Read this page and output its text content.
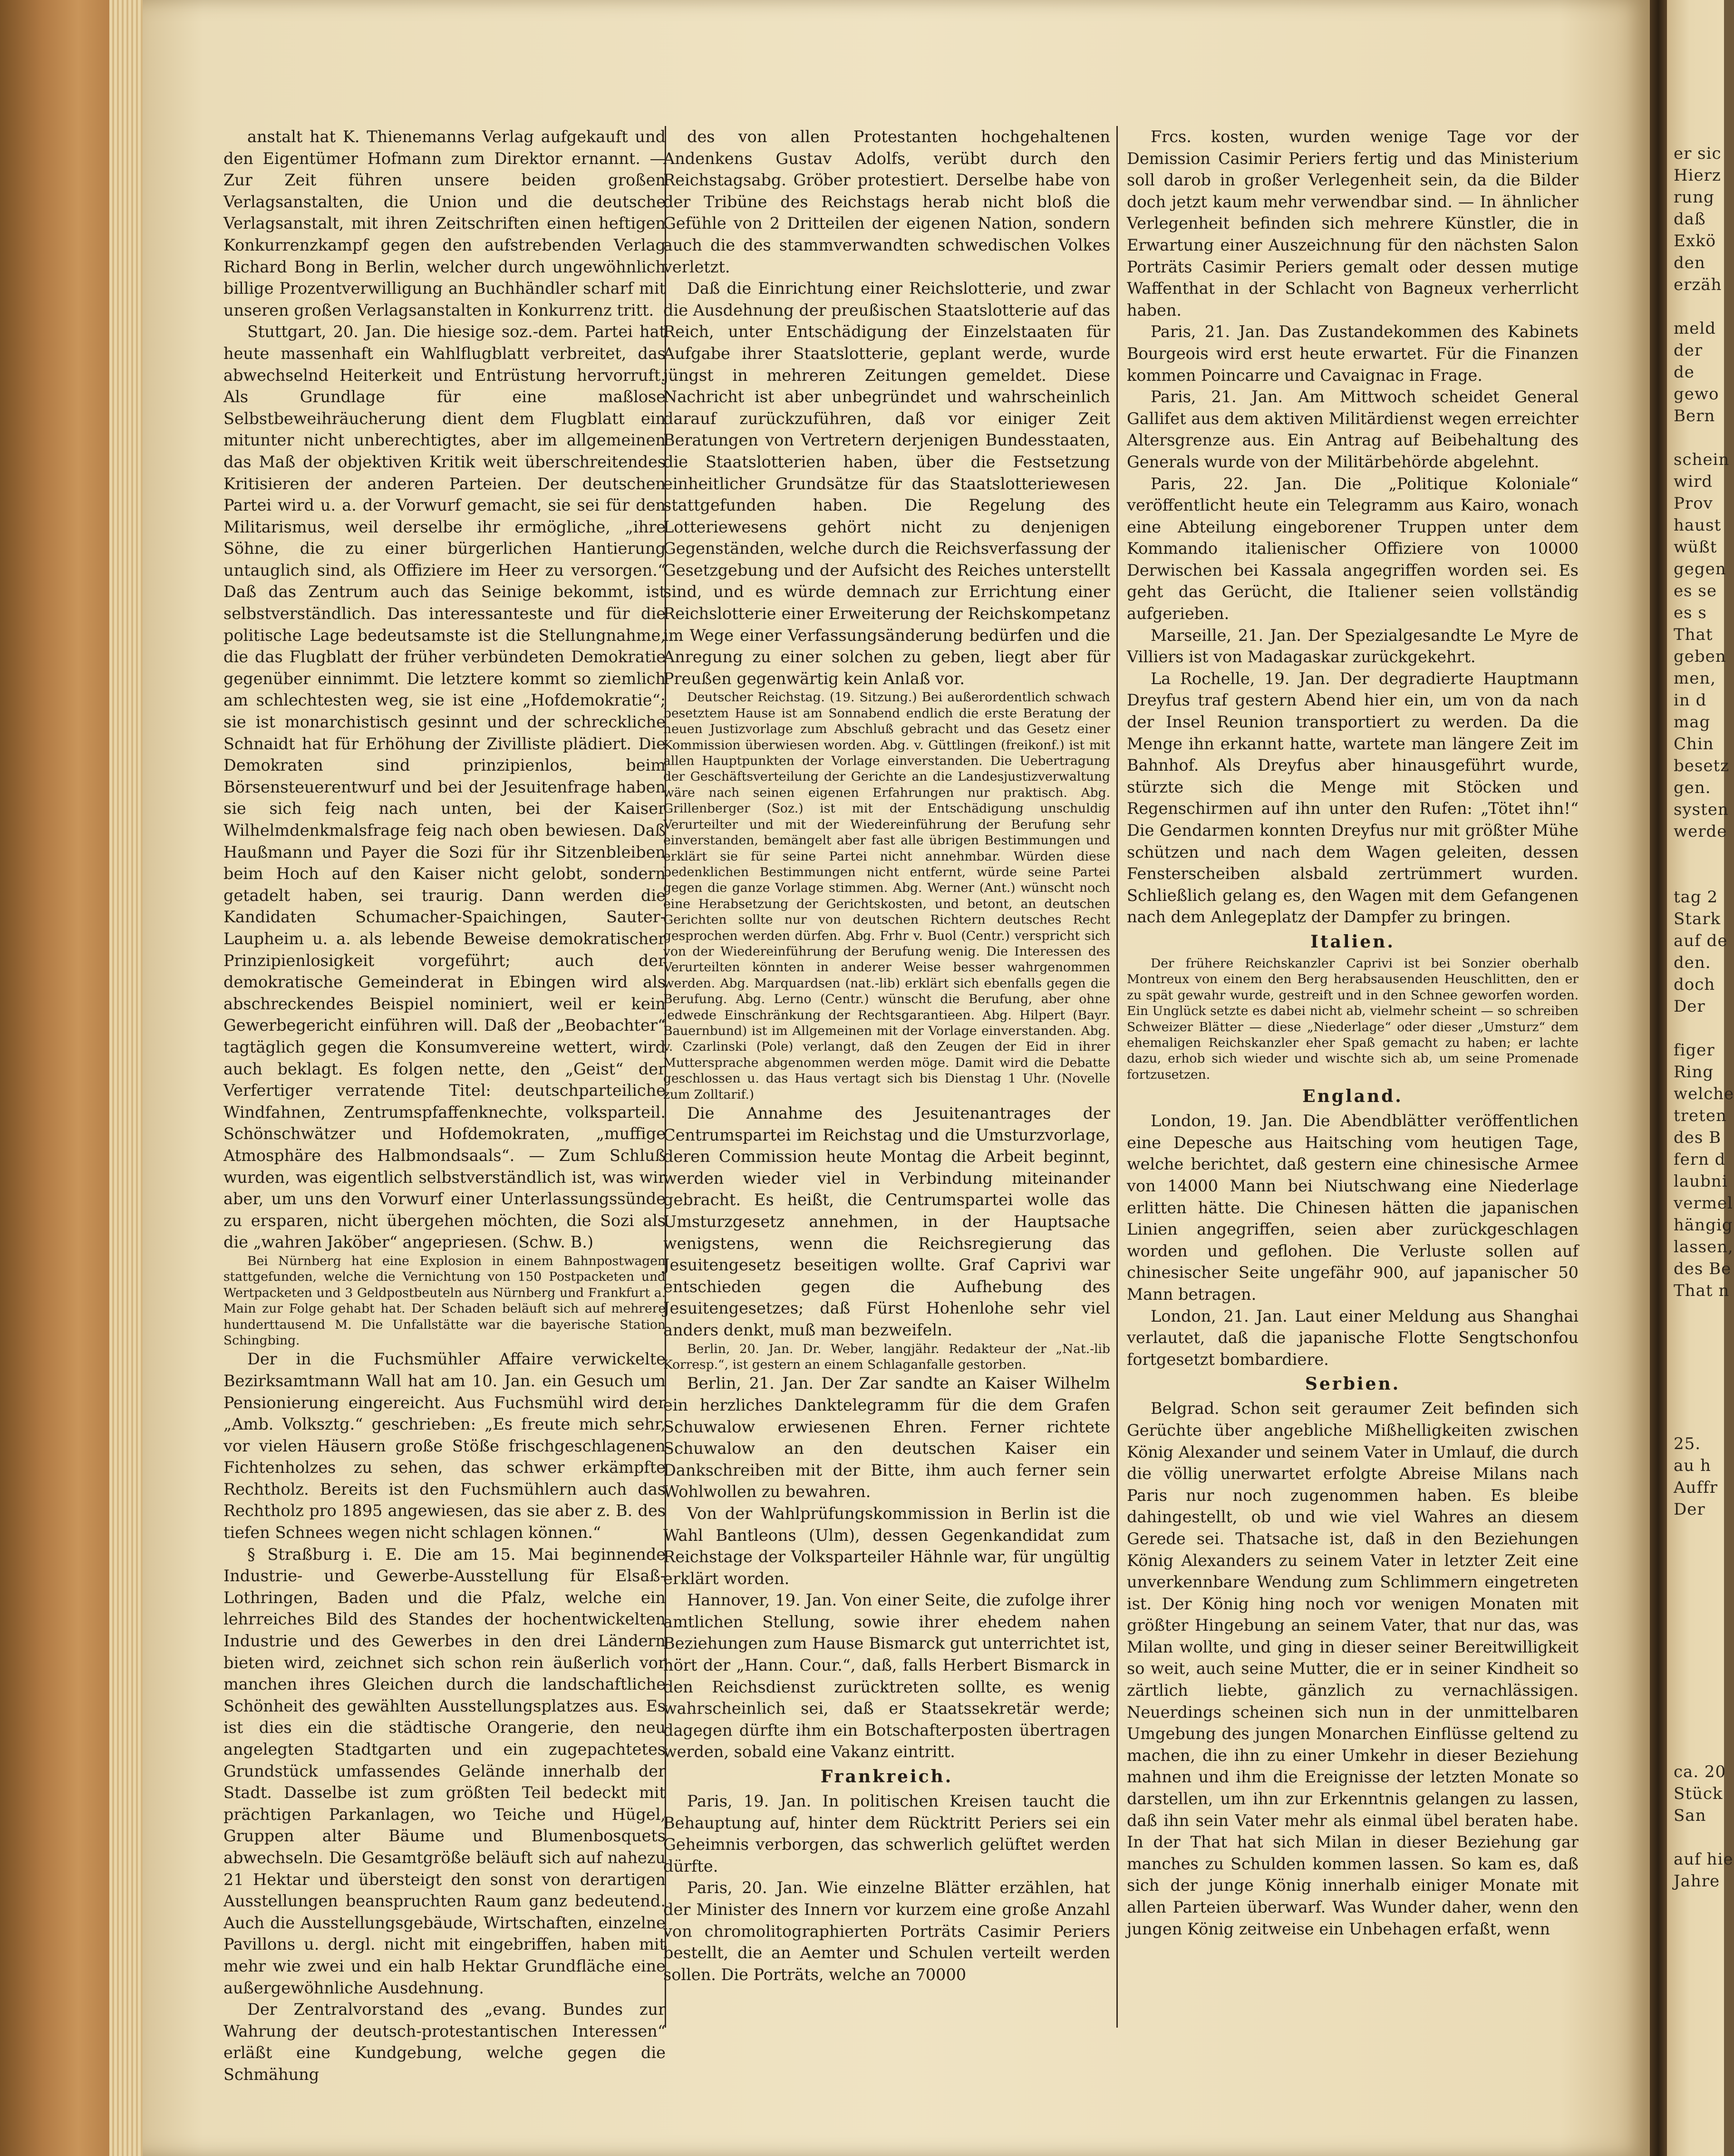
anstalt hat K. Thienemanns Verlag aufgekauft und den Eigentümer Hofmann zum Direktor ernannt. — Zur Zeit führen unsere beiden großen Verlagsanstalten, die Union und die deutsche Verlagsanstalt, mit ihren Zeitschriften einen heftigen Konkurrenzkampf gegen den aufstrebenden Verlag Richard Bong in Berlin, welcher durch ungewöhnlich billige Prozentverwilligung an Buchhändler scharf mit unseren großen Verlagsanstalten in Konkurrenz tritt.

Stuttgart, 20. Jan. Die hiesige soz.-dem. Partei hat heute massenhaft ein Wahlflugblatt verbreitet, das abwechselnd Heiterkeit und Entrüstung hervorruft. Als Grundlage für eine maßlose Selbstbeweihräucherung dient dem Flugblatt ein mitunter nicht unberechtigtes, aber im allgemeinen das Maß der objektiven Kritik weit überschreitendes Kritisieren der anderen Parteien. Der deutschen Partei wird u. a. der Vorwurf gemacht, sie sei für den Militarismus, weil derselbe ihr ermögliche, „ihre Söhne, die zu einer bürgerlichen Hantierung untauglich sind, als Offiziere im Heer zu versorgen.“ Daß das Zentrum auch das Seinige bekommt, ist selbstverständlich. Das interessanteste und für die politische Lage bedeutsamste ist die Stellungnahme, die das Flugblatt der früher verbündeten Demokratie gegenüber einnimmt. Die letztere kommt so ziemlich am schlechtesten weg, sie ist eine „Hofdemokratie“; sie ist monarchistisch gesinnt und der schreckliche Schnaidt hat für Erhöhung der Zivilliste plädiert. Die Demokraten sind prinzipienlos, beim Börsensteuerentwurf und bei der Jesuitenfrage haben sie sich feig nach unten, bei der Kaiser Wilhelmdenkmalsfrage feig nach oben bewiesen. Daß Haußmann und Payer die Sozi für ihr Sitzenbleiben beim Hoch auf den Kaiser nicht gelobt, sondern getadelt haben, sei traurig. Dann werden die Kandidaten Schumacher-Spaichingen, Sauter-Laupheim u. a. als lebende Beweise demokratischer Prinzipienlosigkeit vorgeführt; auch der demokratische Gemeinderat in Ebingen wird als abschreckendes Beispiel nominiert, weil er kein Gewerbegericht einführen will. Daß der „Beobachter“ tagtäglich gegen die Konsumvereine wettert, wird auch beklagt. Es folgen nette, den „Geist“ der Verfertiger verratende Titel: deutschparteiliche Windfahnen, Zentrumspfaffenknechte, volksparteil. Schönschwätzer und Hofdemokraten, „muffige Atmosphäre des Halbmondsaals“. — Zum Schluß wurden, was eigentlich selbstverständlich ist, was wir aber, um uns den Vorwurf einer Unterlassungssünde zu ersparen, nicht übergehen möchten, die Sozi als die „wahren Jaköber“ angepriesen. (Schw. B.)

Bei Nürnberg hat eine Explosion in einem Bahnpostwagen stattgefunden, welche die Vernichtung von 150 Postpacketen und Wertpacketen und 3 Geldpostbeuteln aus Nürnberg und Frankfurt a. Main zur Folge gehabt hat. Der Schaden beläuft sich auf mehrere hunderttausend M. Die Unfallstätte war die bayerische Station Schingbing.

Der in die Fuchsmühler Affaire verwickelte Bezirksamtmann Wall hat am 10. Jan. ein Gesuch um Pensionierung eingereicht. Aus Fuchsmühl wird der „Amb. Volksztg.“ geschrieben: „Es freute mich sehr, vor vielen Häusern große Stöße frischgeschlagenen Fichtenholzes zu sehen, das schwer erkämpfte Rechtholz. Bereits ist den Fuchsmühlern auch das Rechtholz pro 1895 angewiesen, das sie aber z. B. des tiefen Schnees wegen nicht schlagen können.“

§ Straßburg i. E. Die am 15. Mai beginnende Industrie- und Gewerbe-Ausstellung für Elsaß-Lothringen, Baden und die Pfalz, welche ein lehrreiches Bild des Standes der hochentwickelten Industrie und des Gewerbes in den drei Ländern bieten wird, zeichnet sich schon rein äußerlich vor manchen ihres Gleichen durch die landschaftliche Schönheit des gewählten Ausstellungsplatzes aus. Es ist dies ein die städtische Orangerie, den neu angelegten Stadtgarten und ein zugepachtetes Grundstück umfassendes Gelände innerhalb der Stadt. Dasselbe ist zum größten Teil bedeckt mit prächtigen Parkanlagen, wo Teiche und Hügel, Gruppen alter Bäume und Blumenbosquets abwechseln. Die Gesamtgröße beläuft sich auf nahezu 21 Hektar und übersteigt den sonst von derartigen Ausstellungen beanspruchten Raum ganz bedeutend. Auch die Ausstellungsgebäude, Wirtschaften, einzelne Pavillons u. dergl. nicht mit eingebriffen, haben mit mehr wie zwei und ein halb Hektar Grundfläche eine außergewöhnliche Ausdehnung.

Der Zentralvorstand des „evang. Bundes zur Wahrung der deutsch-protestantischen Interessen“ erläßt eine Kundgebung, welche gegen die Schmähung

des von allen Protestanten hochgehaltenen Andenkens Gustav Adolfs, verübt durch den Reichstagsabg. Gröber protestiert. Derselbe habe von der Tribüne des Reichstags herab nicht bloß die Gefühle von 2 Dritteilen der eigenen Nation, sondern auch die des stammverwandten schwedischen Volkes verletzt.

Daß die Einrichtung einer Reichslotterie, und zwar die Ausdehnung der preußischen Staatslotterie auf das Reich, unter Entschädigung der Einzelstaaten für Aufgabe ihrer Staatslotterie, geplant werde, wurde jüngst in mehreren Zeitungen gemeldet. Diese Nachricht ist aber unbegründet und wahrscheinlich darauf zurückzuführen, daß vor einiger Zeit Beratungen von Vertretern derjenigen Bundesstaaten, die Staatslotterien haben, über die Festsetzung einheitlicher Grundsätze für das Staatslotteriewesen stattgefunden haben. Die Regelung des Lotteriewesens gehört nicht zu denjenigen Gegenständen, welche durch die Reichsverfassung der Gesetzgebung und der Aufsicht des Reiches unterstellt sind, und es würde demnach zur Errichtung einer Reichslotterie einer Erweiterung der Reichskompetanz im Wege einer Verfassungsänderung bedürfen und die Anregung zu einer solchen zu geben, liegt aber für Preußen gegenwärtig kein Anlaß vor.

Deutscher Reichstag. (19. Sitzung.) Bei außerordentlich schwach besetztem Hause ist am Sonnabend endlich die erste Beratung der neuen Justizvorlage zum Abschluß gebracht und das Gesetz einer Kommission überwiesen worden. Abg. v. Güttlingen (freikonf.) ist mit allen Hauptpunkten der Vorlage einverstanden. Die Uebertragung der Geschäftsverteilung der Gerichte an die Landesjustizverwaltung wäre nach seinen eigenen Erfahrungen nur praktisch. Abg. Grillenberger (Soz.) ist mit der Entschädigung unschuldig Verurteilter und mit der Wiedereinführung der Berufung sehr einverstanden, bemängelt aber fast alle übrigen Bestimmungen und erklärt sie für seine Partei nicht annehmbar. Würden diese bedenklichen Bestimmungen nicht entfernt, würde seine Partei gegen die ganze Vorlage stimmen. Abg. Werner (Ant.) wünscht noch eine Herabsetzung der Gerichtskosten, und betont, an deutschen Gerichten sollte nur von deutschen Richtern deutsches Recht gesprochen werden dürfen. Abg. Frhr v. Buol (Centr.) verspricht sich von der Wiedereinführung der Berufung wenig. Die Interessen des Verurteilten könnten in anderer Weise besser wahrgenommen werden. Abg. Marquardsen (nat.-lib) erklärt sich ebenfalls gegen die Berufung. Abg. Lerno (Centr.) wünscht die Berufung, aber ohne jedwede Einschränkung der Rechtsgarantieen. Abg. Hilpert (Bayr. Bauernbund) ist im Allgemeinen mit der Vorlage einverstanden. Abg. v. Czarlinski (Pole) verlangt, daß den Zeugen der Eid in ihrer Muttersprache abgenommen werden möge. Damit wird die Debatte geschlossen u. das Haus vertagt sich bis Dienstag 1 Uhr. (Novelle zum Zolltarif.)

Die Annahme des Jesuitenantrages der Centrumspartei im Reichstag und die Umsturzvorlage, deren Commission heute Montag die Arbeit beginnt, werden wieder viel in Verbindung miteinander gebracht. Es heißt, die Centrumspartei wolle das Umsturzgesetz annehmen, in der Hauptsache wenigstens, wenn die Reichsregierung das Jesuitengesetz beseitigen wollte. Graf Caprivi war entschieden gegen die Aufhebung des Jesuitengesetzes; daß Fürst Hohenlohe sehr viel anders denkt, muß man bezweifeln.

Berlin, 20. Jan. Dr. Weber, langjähr. Redakteur der „Nat.-lib Korresp.“, ist gestern an einem Schlaganfalle gestorben.

Berlin, 21. Jan. Der Zar sandte an Kaiser Wilhelm ein herzliches Danktelegramm für die dem Grafen Schuwalow erwiesenen Ehren. Ferner richtete Schuwalow an den deutschen Kaiser ein Dankschreiben mit der Bitte, ihm auch ferner sein Wohlwollen zu bewahren.

Von der Wahlprüfungskommission in Berlin ist die Wahl Bantleons (Ulm), dessen Gegenkandidat zum Reichstage der Volksparteiler Hähnle war, für ungültig erklärt worden.

Hannover, 19. Jan. Von einer Seite, die zufolge ihrer amtlichen Stellung, sowie ihrer ehedem nahen Beziehungen zum Hause Bismarck gut unterrichtet ist, hört der „Hann. Cour.“, daß, falls Herbert Bismarck in den Reichsdienst zurücktreten sollte, es wenig wahrscheinlich sei, daß er Staatssekretär werde; dagegen dürfte ihm ein Botschafterposten übertragen werden, sobald eine Vakanz eintritt.

Frankreich.

Paris, 19. Jan. In politischen Kreisen taucht die Behauptung auf, hinter dem Rücktritt Periers sei ein Geheimnis verborgen, das schwerlich gelüftet werden dürfte.

Paris, 20. Jan. Wie einzelne Blätter erzählen, hat der Minister des Innern vor kurzem eine große Anzahl von chromolitographierten Porträts Casimir Periers bestellt, die an Aemter und Schulen verteilt werden sollen. Die Porträts, welche an 70000

Frcs. kosten, wurden wenige Tage vor der Demission Casimir Periers fertig und das Ministerium soll darob in großer Verlegenheit sein, da die Bilder doch jetzt kaum mehr verwendbar sind. — In ähnlicher Verlegenheit befinden sich mehrere Künstler, die in Erwartung einer Auszeichnung für den nächsten Salon Porträts Casimir Periers gemalt oder dessen mutige Waffenthat in der Schlacht von Bagneux verherrlicht haben.

Paris, 21. Jan. Das Zustandekommen des Kabinets Bourgeois wird erst heute erwartet. Für die Finanzen kommen Poincarre und Cavaignac in Frage.

Paris, 21. Jan. Am Mittwoch scheidet General Gallifet aus dem aktiven Militärdienst wegen erreichter Altersgrenze aus. Ein Antrag auf Beibehaltung des Generals wurde von der Militärbehörde abgelehnt.

Paris, 22. Jan. Die „Politique Koloniale“ veröffentlicht heute ein Telegramm aus Kairo, wonach eine Abteilung eingeborener Truppen unter dem Kommando italienischer Offiziere von 10000 Derwischen bei Kassala angegriffen worden sei. Es geht das Gerücht, die Italiener seien vollständig aufgerieben.

Marseille, 21. Jan. Der Spezialgesandte Le Myre de Villiers ist von Madagaskar zurückgekehrt.

La Rochelle, 19. Jan. Der degradierte Hauptmann Dreyfus traf gestern Abend hier ein, um von da nach der Insel Reunion transportiert zu werden. Da die Menge ihn erkannt hatte, wartete man längere Zeit im Bahnhof. Als Dreyfus aber hinausgeführt wurde, stürzte sich die Menge mit Stöcken und Regenschirmen auf ihn unter den Rufen: „Tötet ihn!“ Die Gendarmen konnten Dreyfus nur mit größter Mühe schützen und nach dem Wagen geleiten, dessen Fensterscheiben alsbald zertrümmert wurden. Schließlich gelang es, den Wagen mit dem Gefangenen nach dem Anlegeplatz der Dampfer zu bringen.

Italien.

Der frühere Reichskanzler Caprivi ist bei Sonzier oberhalb Montreux von einem den Berg herabsausenden Heuschlitten, den er zu spät gewahr wurde, gestreift und in den Schnee geworfen worden. Ein Unglück setzte es dabei nicht ab, vielmehr scheint — so schreiben Schweizer Blätter — diese „Niederlage“ oder dieser „Umsturz“ dem ehemaligen Reichskanzler eher Spaß gemacht zu haben; er lachte dazu, erhob sich wieder und wischte sich ab, um seine Promenade fortzusetzen.

England.

London, 19. Jan. Die Abendblätter veröffentlichen eine Depesche aus Haitsching vom heutigen Tage, welche berichtet, daß gestern eine chinesische Armee von 14000 Mann bei Niutschwang eine Niederlage erlitten hätte. Die Chinesen hätten die japanischen Linien angegriffen, seien aber zurückgeschlagen worden und geflohen. Die Verluste sollen auf chinesischer Seite ungefähr 900, auf japanischer 50 Mann betragen.

London, 21. Jan. Laut einer Meldung aus Shanghai verlautet, daß die japanische Flotte Sengtschonfou fortgesetzt bombardiere.

Serbien.

Belgrad. Schon seit geraumer Zeit befinden sich Gerüchte über angebliche Mißhelligkeiten zwischen König Alexander und seinem Vater in Umlauf, die durch die völlig unerwartet erfolgte Abreise Milans nach Paris nur noch zugenommen haben. Es bleibe dahingestellt, ob und wie viel Wahres an diesem Gerede sei. Thatsache ist, daß in den Beziehungen König Alexanders zu seinem Vater in letzter Zeit eine unverkennbare Wendung zum Schlimmern eingetreten ist. Der König hing noch vor wenigen Monaten mit größter Hingebung an seinem Vater, that nur das, was Milan wollte, und ging in dieser seiner Bereitwilligkeit so weit, auch seine Mutter, die er in seiner Kindheit so zärtlich liebte, gänzlich zu vernachlässigen. Neuerdings scheinen sich nun in der unmittelbaren Umgebung des jungen Monarchen Einflüsse geltend zu machen, die ihn zu einer Umkehr in dieser Beziehung mahnen und ihm die Ereignisse der letzten Monate so darstellen, um ihn zur Erkenntnis gelangen zu lassen, daß ihn sein Vater mehr als einmal übel beraten habe. In der That hat sich Milan in dieser Beziehung gar manches zu Schulden kommen lassen. So kam es, daß sich der junge König innerhalb einiger Monate mit allen Parteien überwarf. Was Wunder daher, wenn den jungen König zeitweise ein Unbehagen erfaßt, wenn

er sic
Hierz
rung
daß
Exkö
den
erzäh

meld
der
de
gewo
Bern

schein
wird
Prov
haust
wüßt
gegen
es se
es s
That
geben
men,
in d
mag
Chin
besetz
gen.
systen
werde

tag 2
Stark
auf de
den.
doch
Der

figer
Ring
welche
treten
des B
fern d
laubni
vermel
hängig
lassen,
des Be
That n

25.
au h
Auffr
Der

ca. 20
Stück
San

auf hie
Jahre
